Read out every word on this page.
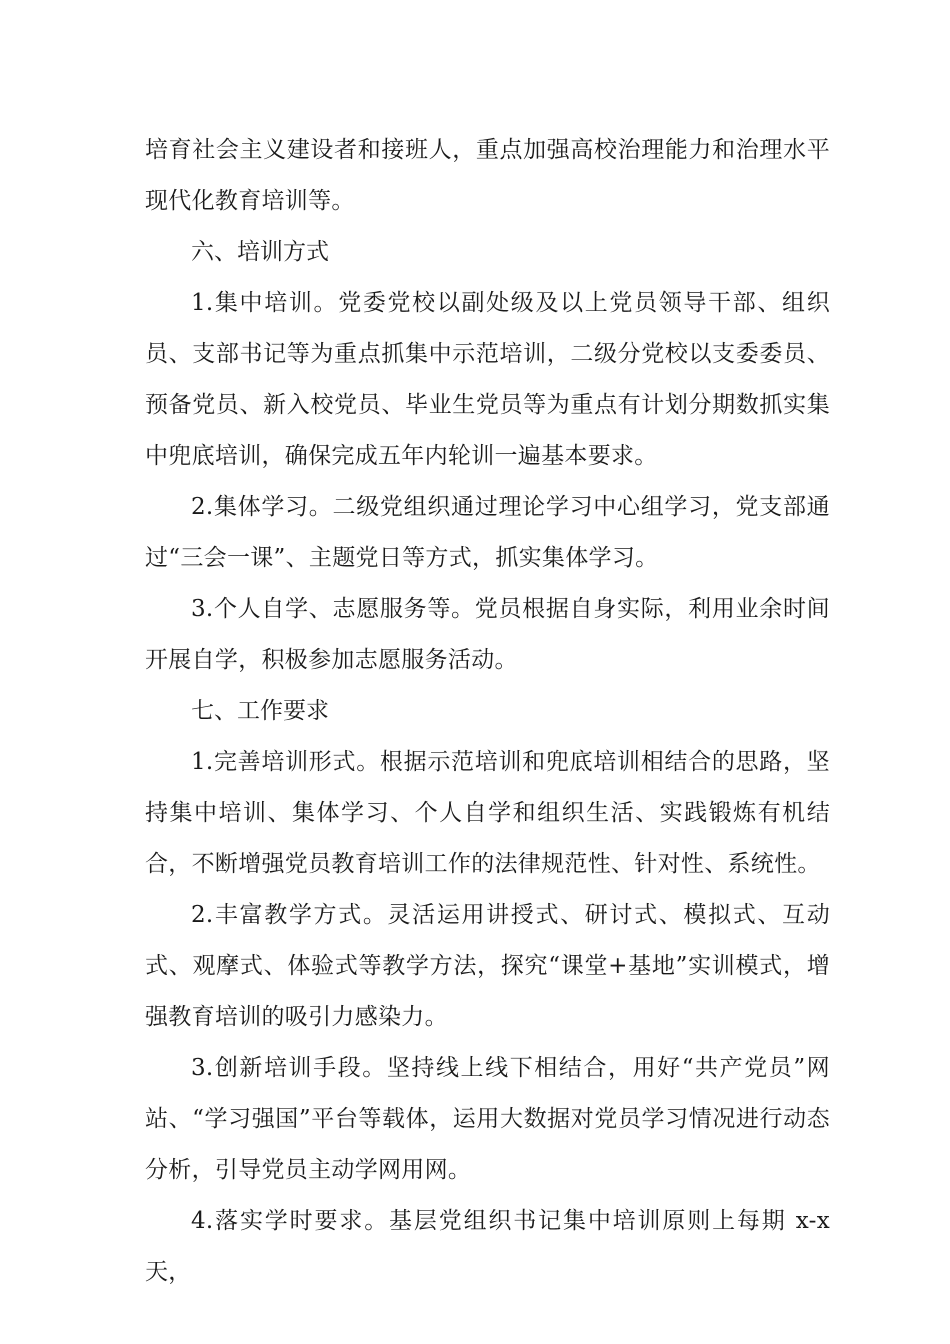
培育社会主义建设者和接班人，重点加强高校治理能力和治理水平现代化教育培训等。

六、培训方式

1.集中培训。党委党校以副处级及以上党员领导干部、组织员、支部书记等为重点抓集中示范培训，二级分党校以支委委员、预备党员、新入校党员、毕业生党员等为重点有计划分期数抓实集中兜底培训，确保完成五年内轮训一遍基本要求。

2.集体学习。二级党组织通过理论学习中心组学习，党支部通过“三会一课”、主题党日等方式，抓实集体学习。

3.个人自学、志愿服务等。党员根据自身实际，利用业余时间开展自学，积极参加志愿服务活动。

七、工作要求

1.完善培训形式。根据示范培训和兜底培训相结合的思路，坚持集中培训、集体学习、个人自学和组织生活、实践锻炼有机结合，不断增强党员教育培训工作的法律规范性、针对性、系统性。

2.丰富教学方式。灵活运用讲授式、研讨式、模拟式、互动式、观摩式、体验式等教学方法，探究“课堂+基地”实训模式，增强教育培训的吸引力感染力。

3.创新培训手段。坚持线上线下相结合，用好“共产党员”网站、“学习强国”平台等载体，运用大数据对党员学习情况进行动态分析，引导党员主动学网用网。

4.落实学时要求。基层党组织书记集中培训原则上每期 x-x 天，
